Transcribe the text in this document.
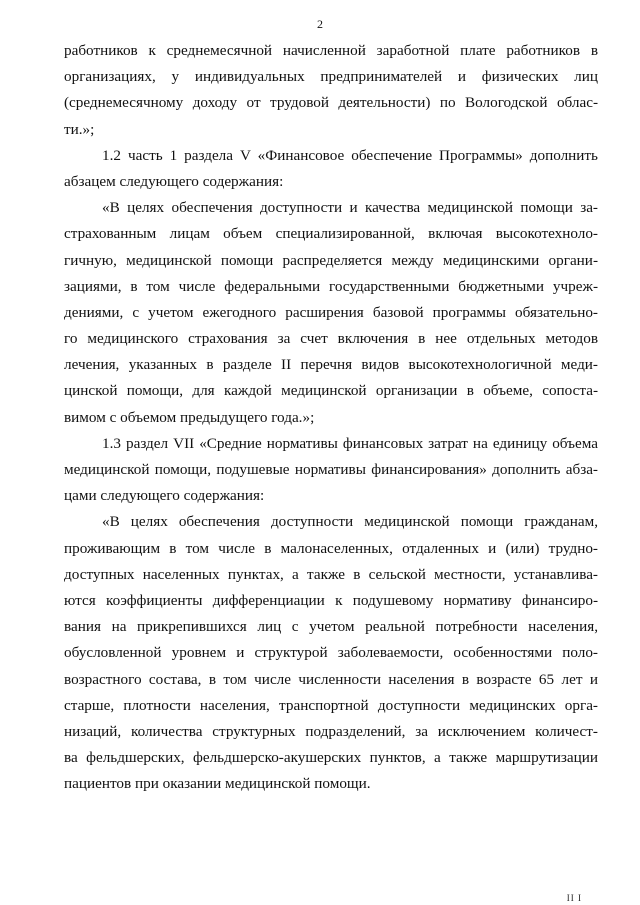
2
работников к среднемесячной начисленной заработной плате работников в
организациях, у индивидуальных предпринимателей и физических лиц
(среднемесячному доходу от трудовой деятельности) по Вологодской облас-
ти.»;
1.2 часть 1 раздела V «Финансовое обеспечение Программы» дополнить
абзацем следующего содержания:
«В целях обеспечения доступности и качества медицинской помощи за-
страхованным лицам объем специализированной, включая высокотехноло-
гичную, медицинской помощи распределяется между медицинскими органи-
зациями, в том числе федеральными государственными бюджетными учреж-
дениями, с учетом ежегодного расширения базовой программы обязательно-
го медицинского страхования за счет включения в нее отдельных методов
лечения, указанных в разделе II перечня видов высокотехнологичной меди-
цинской помощи, для каждой медицинской организации в объеме, сопоста-
вимом с объемом предыдущего года.»;
1.3 раздел VII «Средние нормативы финансовых затрат на единицу объема
медицинской помощи, подушевые нормативы финансирования» дополнить абза-
цами следующего содержания:
«В целях обеспечения доступности медицинской помощи гражданам,
проживающим в том числе в малонаселенных, отдаленных и (или) трудно-
доступных населенных пунктах, а также в сельской местности, устанавлива-
ются коэффициенты дифференциации к подушевому нормативу финансиро-
вания на прикрепившихся лиц с учетом реальной потребности населения,
обусловленной уровнем и структурой заболеваемости, особенностями поло-
возрастного состава, в том числе численности населения в возрасте 65 лет и
старше, плотности населения, транспортной доступности медицинских орга-
низаций, количества структурных подразделений, за исключением количест-
ва фельдшерских, фельдшерско-акушерских пунктов, а также маршрутизации
пациентов при оказании медицинской помощи.
II I
